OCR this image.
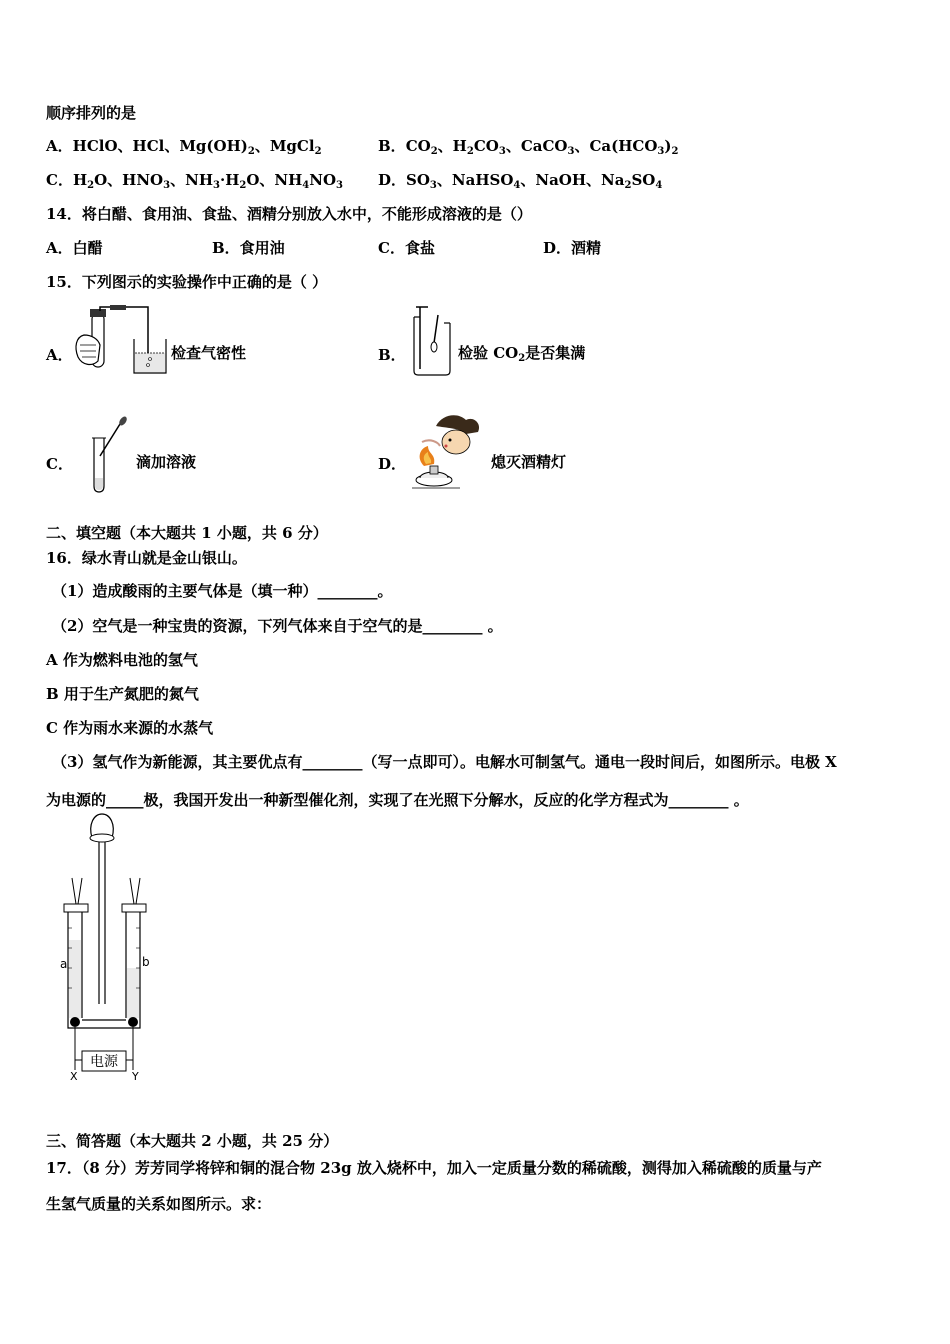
顺序排列的是
A．HClO、HCl、$Mg(OH)_2$、MgCl$_2$	B．$CO_2$、$H_2CO_3$、CaCO$_3$、$Ca(HCO_3)_2$
C．$H_2O$、$HNO_3$、$NH_3\cdot H_2O$、$NH_4NO_3$ D．$SO_3$、NaHSO$_4$、NaOH、$Na_2SO_4$
14．将白醋、食用油、食盐、酒精分别放入水中，不能形成溶液的是（）
A．白醋	B．食用油	C．食盐	D．酒精
15．下列图示的实验操作中正确的是（ ）
A．	检查气密性	B．	检验 $CO_2$是否集满
C．	滴加溶液	D．	熄灭酒精灯
二、填空题（本大题共 1 小题，共 6 分）
16．绿水青山就是金山银山。
（1）造成酸雨的主要气体是（填一种）________。
（2）空气是一种宝贵的资源，下列气体来自于空气的是________ 。
A 作为燃料电池的氢气
B 用于生产氮肥的氮气
C 作为雨水来源的水蒸气
（3）氢气作为新能源，其主要优点有________（写一点即可）。电解水可制氢气。通电一段时间后，如图所示。电极 X
为电源的_____极，我国开发出一种新型催化剂，实现了在光照下分解水，反应的化学方程式为________ 。
电源
a	b
X	Y
三、简答题（本大题共 2 小题，共 25 分）
17．（8 分）芳芳同学将锌和铜的混合物 23g 放入烧杯中，加入一定质量分数的稀硫酸，测得加入稀硫酸的质量与产
生氢气质量的关系如图所示。求：
